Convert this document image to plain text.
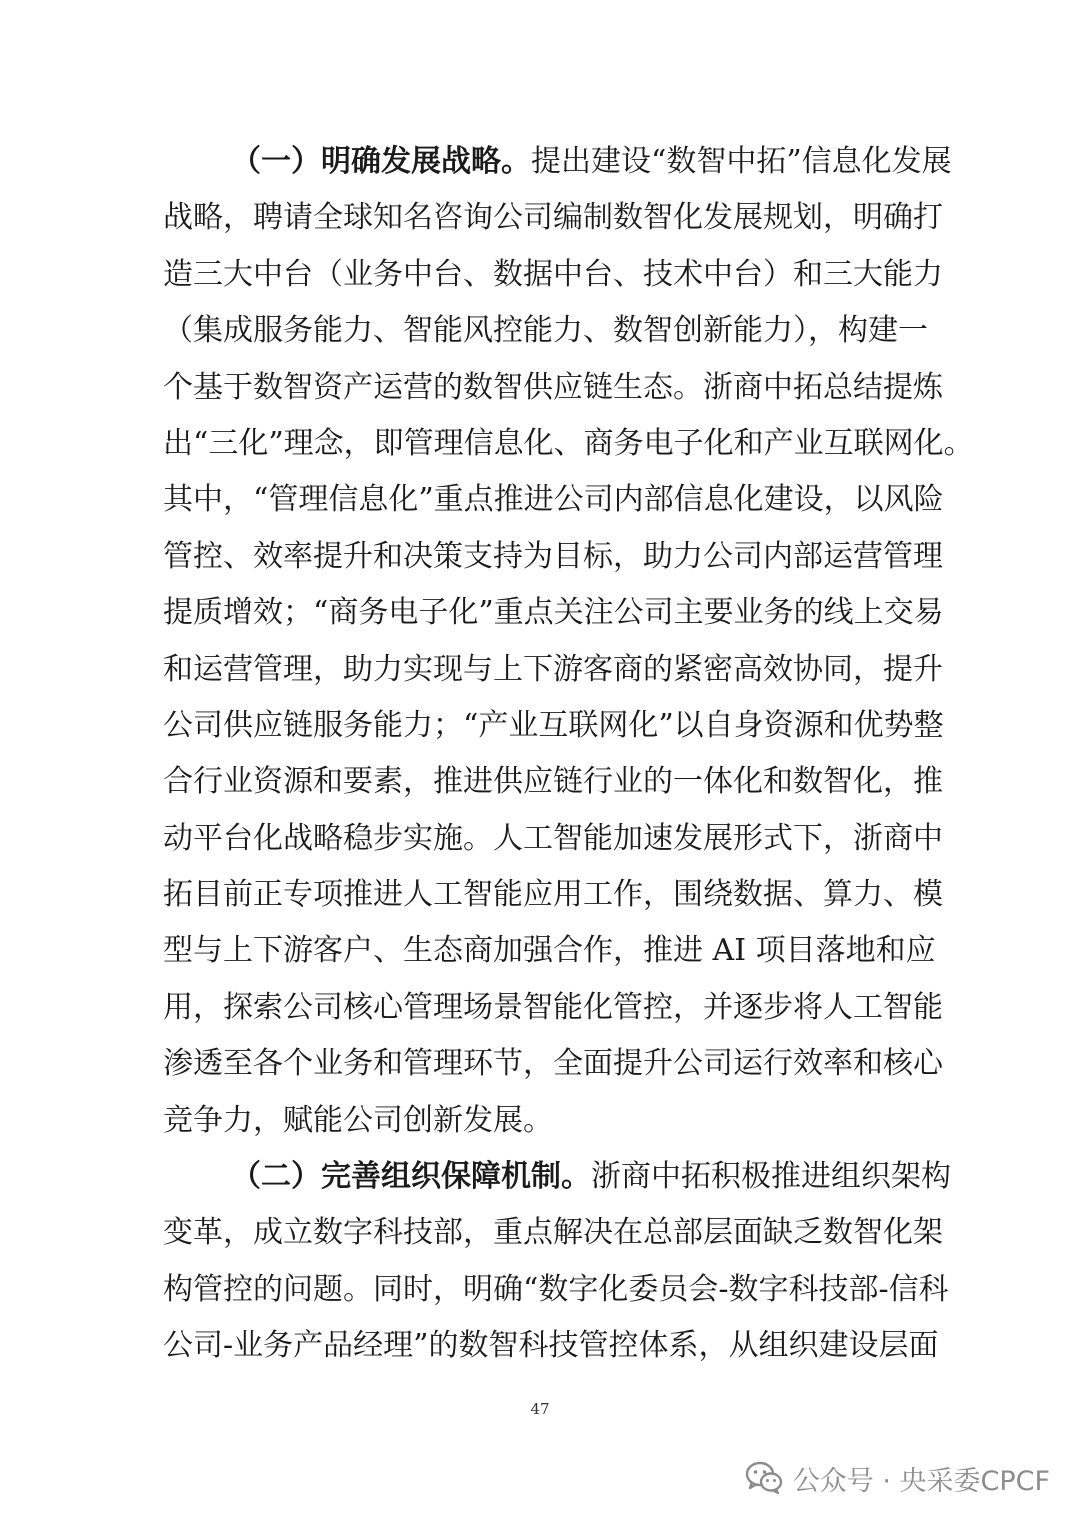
（一）明确发展战略。提出建设“数智中拓”信息化发展
战略，聘请全球知名咨询公司编制数智化发展规划，明确打
造三大中台（业务中台、数据中台、技术中台）和三大能力
（集成服务能力、智能风控能力、数智创新能力），构建一
个基于数智资产运营的数智供应链生态。浙商中拓总结提炼
出“三化”理念，即管理信息化、商务电子化和产业互联网化。
其中，“管理信息化”重点推进公司内部信息化建设，以风险
管控、效率提升和决策支持为目标，助力公司内部运营管理
提质增效；“商务电子化”重点关注公司主要业务的线上交易
和运营管理，助力实现与上下游客商的紧密高效协同，提升
公司供应链服务能力；“产业互联网化”以自身资源和优势整
合行业资源和要素，推进供应链行业的一体化和数智化，推
动平台化战略稳步实施。人工智能加速发展形式下，浙商中
拓目前正专项推进人工智能应用工作，围绕数据、算力、模
型与上下游客户、生态商加强合作，推进 AI 项目落地和应
用，探索公司核心管理场景智能化管控，并逐步将人工智能
渗透至各个业务和管理环节，全面提升公司运行效率和核心
竞争力，赋能公司创新发展。
（二）完善组织保障机制。浙商中拓积极推进组织架构
变革，成立数字科技部，重点解决在总部层面缺乏数智化架
构管控的问题。同时，明确“数字化委员会-数字科技部-信科
公司-业务产品经理”的数智科技管控体系，从组织建设层面
47
公众号 · 央采委CPCF
